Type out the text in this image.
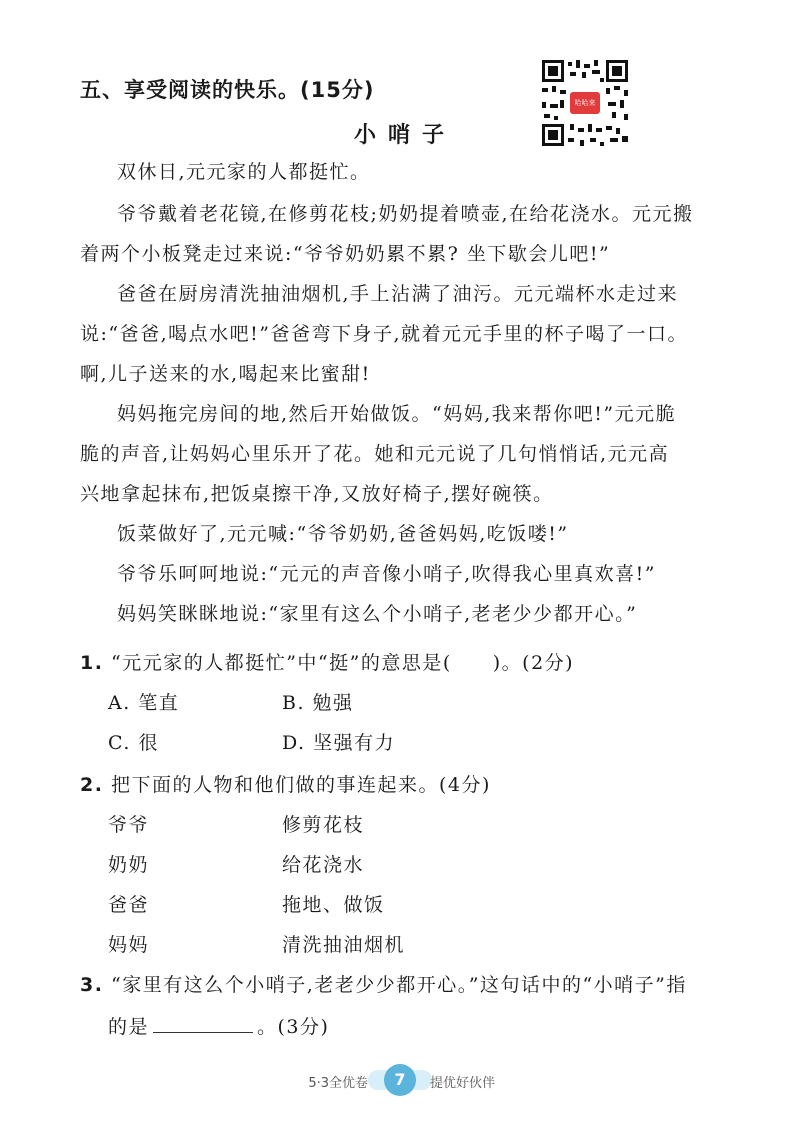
五、享受阅读的快乐。(15分)
哈哈来
小哨子
双休日,元元家的人都挺忙。
爷爷戴着老花镜,在修剪花枝;奶奶提着喷壶,在给花浇水。元元搬
着两个小板凳走过来说:“爷爷奶奶累不累? 坐下歇会儿吧!”
爸爸在厨房清洗抽油烟机,手上沾满了油污。元元端杯水走过来
说:“爸爸,喝点水吧!”爸爸弯下身子,就着元元手里的杯子喝了一口。
啊,儿子送来的水,喝起来比蜜甜!
妈妈拖完房间的地,然后开始做饭。“妈妈,我来帮你吧!”元元脆
脆的声音,让妈妈心里乐开了花。她和元元说了几句悄悄话,元元高
兴地拿起抹布,把饭桌擦干净,又放好椅子,摆好碗筷。
饭菜做好了,元元喊:“爷爷奶奶,爸爸妈妈,吃饭喽!”
爷爷乐呵呵地说:“元元的声音像小哨子,吹得我心里真欢喜!”
妈妈笑眯眯地说:“家里有这么个小哨子,老老少少都开心。”
1. “元元家的人都挺忙”中“挺”的意思是(　　)。(2分)
A. 笔直	B. 勉强
C. 很	D. 坚强有力
2. 把下面的人物和他们做的事连起来。(4分)
爷爷	修剪花枝
奶奶	给花浇水
爸爸	拖地、做饭
妈妈	清洗抽油烟机
3. “家里有这么个小哨子,老老少少都开心。”这句话中的“小哨子”指
的是	。(3分)
5·3全优卷	7	提优好伙伴
